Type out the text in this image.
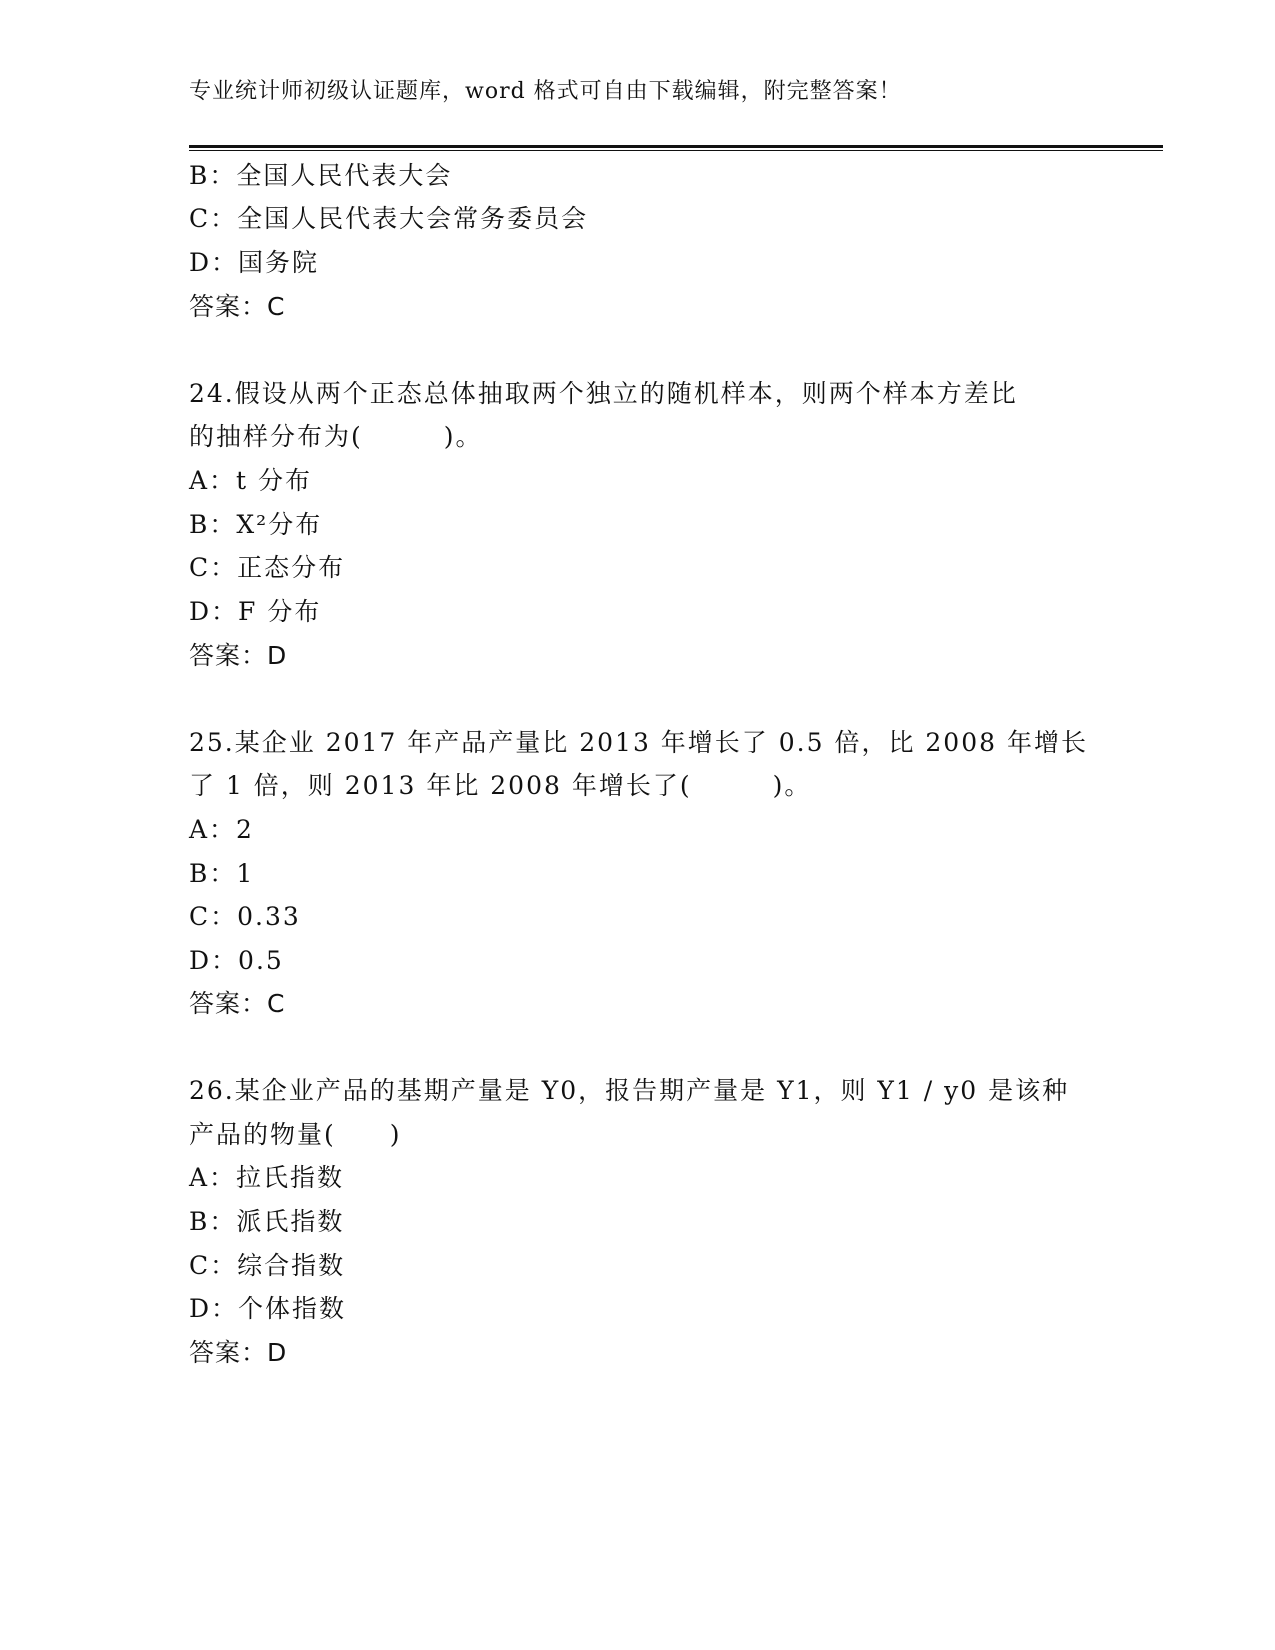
专业统计师初级认证题库，word 格式可自由下载编辑，附完整答案！
B：全国人民代表大会
C：全国人民代表大会常务委员会
D：国务院
答案：C
24.假设从两个正态总体抽取两个独立的随机样本，则两个样本方差比
的抽样分布为(　　　)。
A：t 分布
B：X²分布
C：正态分布
D：F 分布
答案：D
25.某企业 2017 年产品产量比 2013 年增长了 0.5 倍，比 2008 年增长
了 1 倍，则 2013 年比 2008 年增长了(　　　)。
A：2
B：1
C：0.33
D：0.5
答案：C
26.某企业产品的基期产量是 Y0，报告期产量是 Y1，则 Y1 / y0 是该种
产品的物量(　　)
A：拉氏指数
B：派氏指数
C：综合指数
D：个体指数
答案：D
